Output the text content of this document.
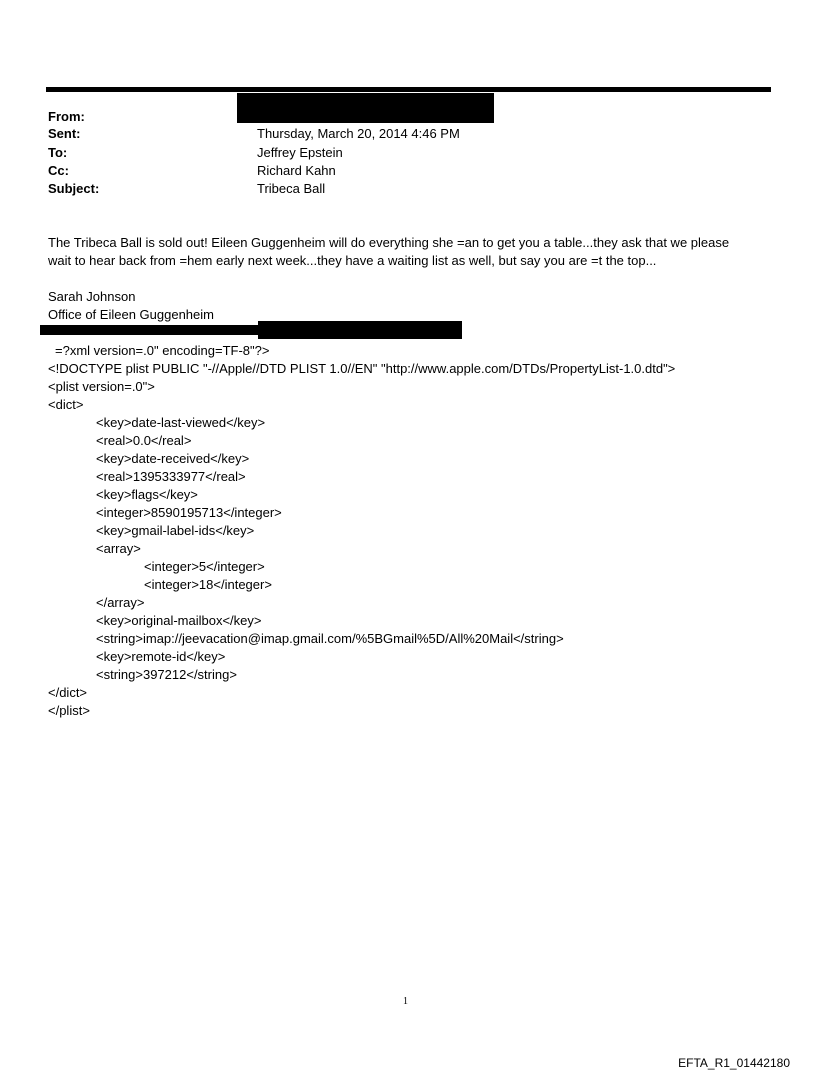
From:
Sent:	Thursday, March 20, 2014 4:46 PM
To:	Jeffrey Epstein
Cc:	Richard Kahn
Subject:	Tribeca Ball
The Tribeca Ball is sold out! Eileen Guggenheim will do everything she =an to get you a table...they ask that we please
wait to hear back from =hem early next week...they have a waiting list as well, but say you are =t the top...
Sarah Johnson
Office of Eileen Guggenheim
=?xml version=.0" encoding=TF-8"?>
<!DOCTYPE plist PUBLIC "-//Apple//DTD PLIST 1.0//EN" "http://www.apple.com/DTDs/PropertyList-1.0.dtd">
<plist version=.0">
<dict>
<key>date-last-viewed</key>
<real>0.0</real>
<key>date-received</key>
<real>1395333977</real>
<key>flags</key>
<integer>8590195713</integer>
<key>gmail-label-ids</key>
<array>
<integer>5</integer>
<integer>18</integer>
</array>
<key>original-mailbox</key>
<string>imap://jeevacation@imap.gmail.com/%5BGmail%5D/All%20Mail</string>
<key>remote-id</key>
<string>397212</string>
</dict>
</plist>
1
EFTA_R1_01442180
